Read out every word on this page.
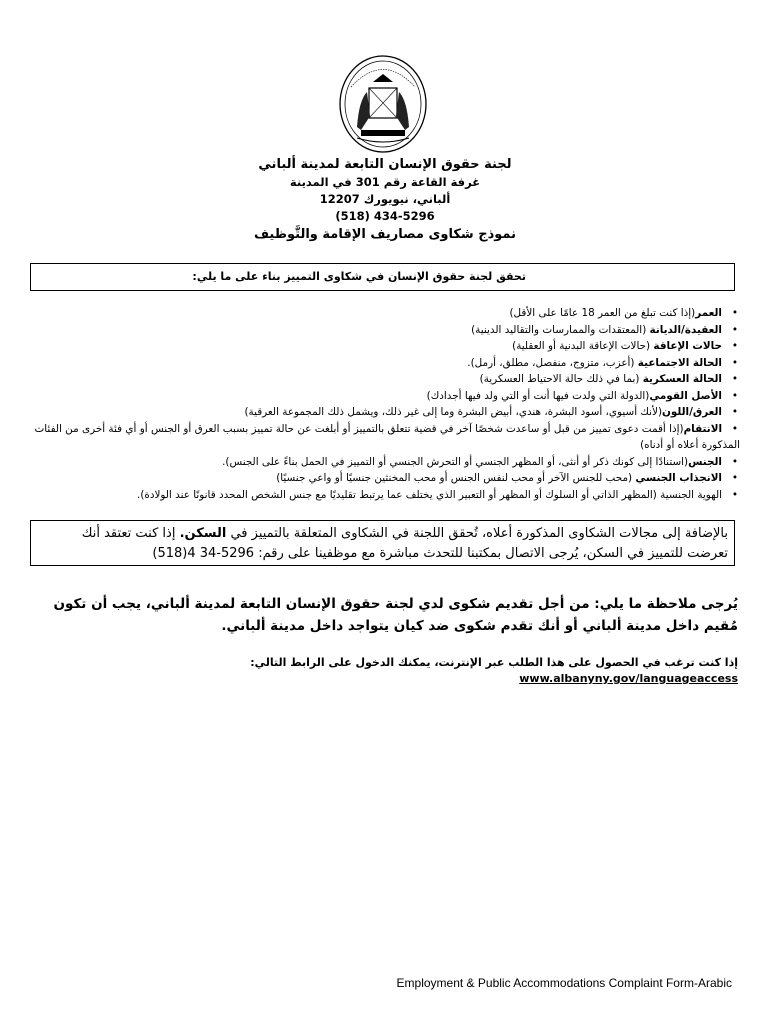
لجنة حقوق الإنسان التابعة لمدينة ألباني
غرفة القاعة رقم 301 في المدينة
ألباني، نيويورك 12207
(518) 434-5296
نموذج شكاوى مصاريف الإقامة والتَّوظيف
تحقق لجنة حقوق الإنسان في شكاوى التمييز بناء على ما يلي:
• العمر(إذا كنت تبلغ من العمر 18 عامًا على الأقل)
• العقيدة/الديانة (المعتقدات والممارسات والتقاليد الدينية)
• حالات الإعاقة (حالات الإعاقة البدنية أو العقلية)
• الحالة الاجتماعية (أعزب، متزوج، منفصل، مطلق، أرمل).
• الحالة العسكرية (بما في ذلك حالة الاحتياط العسكرية)
• الأصل القومي(الدولة التي ولدت فيها أنت أو التي ولد فيها أجدادك)
• العرق/اللون(لأنك أسيوي، أسود البشرة، هندي، أبيض البشرة وما إلى غير ذلك، ويشمل ذلك المجموعة العرقية)
• الانتقام(إذا أقمت دعوى تمييز من قبل أو ساعدت شخصًا آخر في قضية تتعلق بالتمييز أو أبلغت عن حالة تمييز بسبب العرق أو الجنس أو أي فئة أخرى من الفئات
المذكورة أعلاه أو أدناه)
• الجنس(استنادًا إلى كونك ذكر أو أنثى، أو المظهر الجنسي أو التحرش الجنسي أو التمييز في الحمل بناءً على الجنس).
• الانجذاب الجنسي (محب للجنس الآخر أو محب لنفس الجنس أو محب المخنثين جنسيًا أو واعي جنسيًا)
• الهوية الجنسية (المظهر الذاتي أو السلوك أو المظهر أو التعبير الذي يختلف عما يرتبط تقليديًا مع جنس الشخص المحدد قانونًا عند الولادة).
بالإضافة إلى مجالات الشكاوى المذكورة أعلاه، تُحقق اللجنة في الشكاوى المتعلقة بالتمييز في السكن. إذا كنت تعتقد أنك تعرضت للتمييز في السكن، يُرجى الاتصال بمكتبنا للتحدث مباشرة مع موظفينا على رقم: ‎(518)4 34-5296
يُرجى ملاحظة ما يلي: من أجل تقديم شكوى لدي لجنة حقوق الإنسان التابعة لمدينة ألباني، يجب أن تكون مُقيم داخل مدينة ألباني أو أنك تقدم شكوى ضد كيان يتواجد داخل مدينة ألباني.
إذا كنت ترغب في الحصول على هذا الطلب عبر الإنترنت، يمكنك الدخول على الرابط التالي: www.albanyny.gov/languageaccess
Employment & Public Accommodations Complaint Form-Arabic
